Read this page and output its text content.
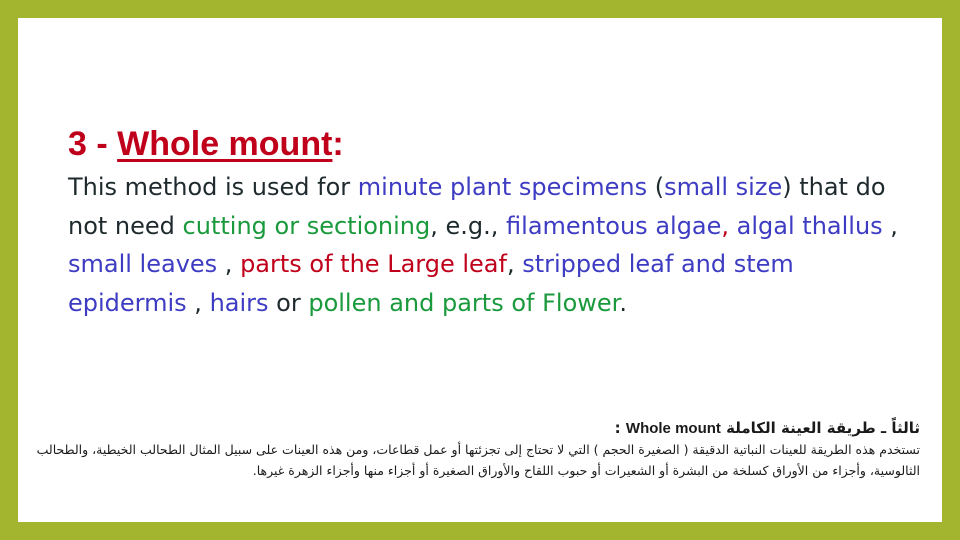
3 - Whole mount:
This method is used for minute plant specimens (small size) that do not need cutting or sectioning, e.g., filamentous algae, algal thallus , small leaves , parts of the Large leaf, stripped leaf and stem epidermis , hairs or pollen and parts of Flower.
ثالثاً ـ طريقة العينة الكاملة Whole mount :
تستخدم هذه الطريقة للعينات النباتية الدقيقة ( الصغيرة الحجم ) التي لا تحتاج إلى تجزئتها أو عمل قطاعات، ومن هذه العينات على سبيل المثال الطحالب الخيطية، والطحالب الثالوسية، وأجزاء من الأوراق كسلخة من البشرة أو الشعيرات أو حبوب اللقاح والأوراق الصغيرة أو أجزاء منها وأجزاء الزهرة غيرها.
